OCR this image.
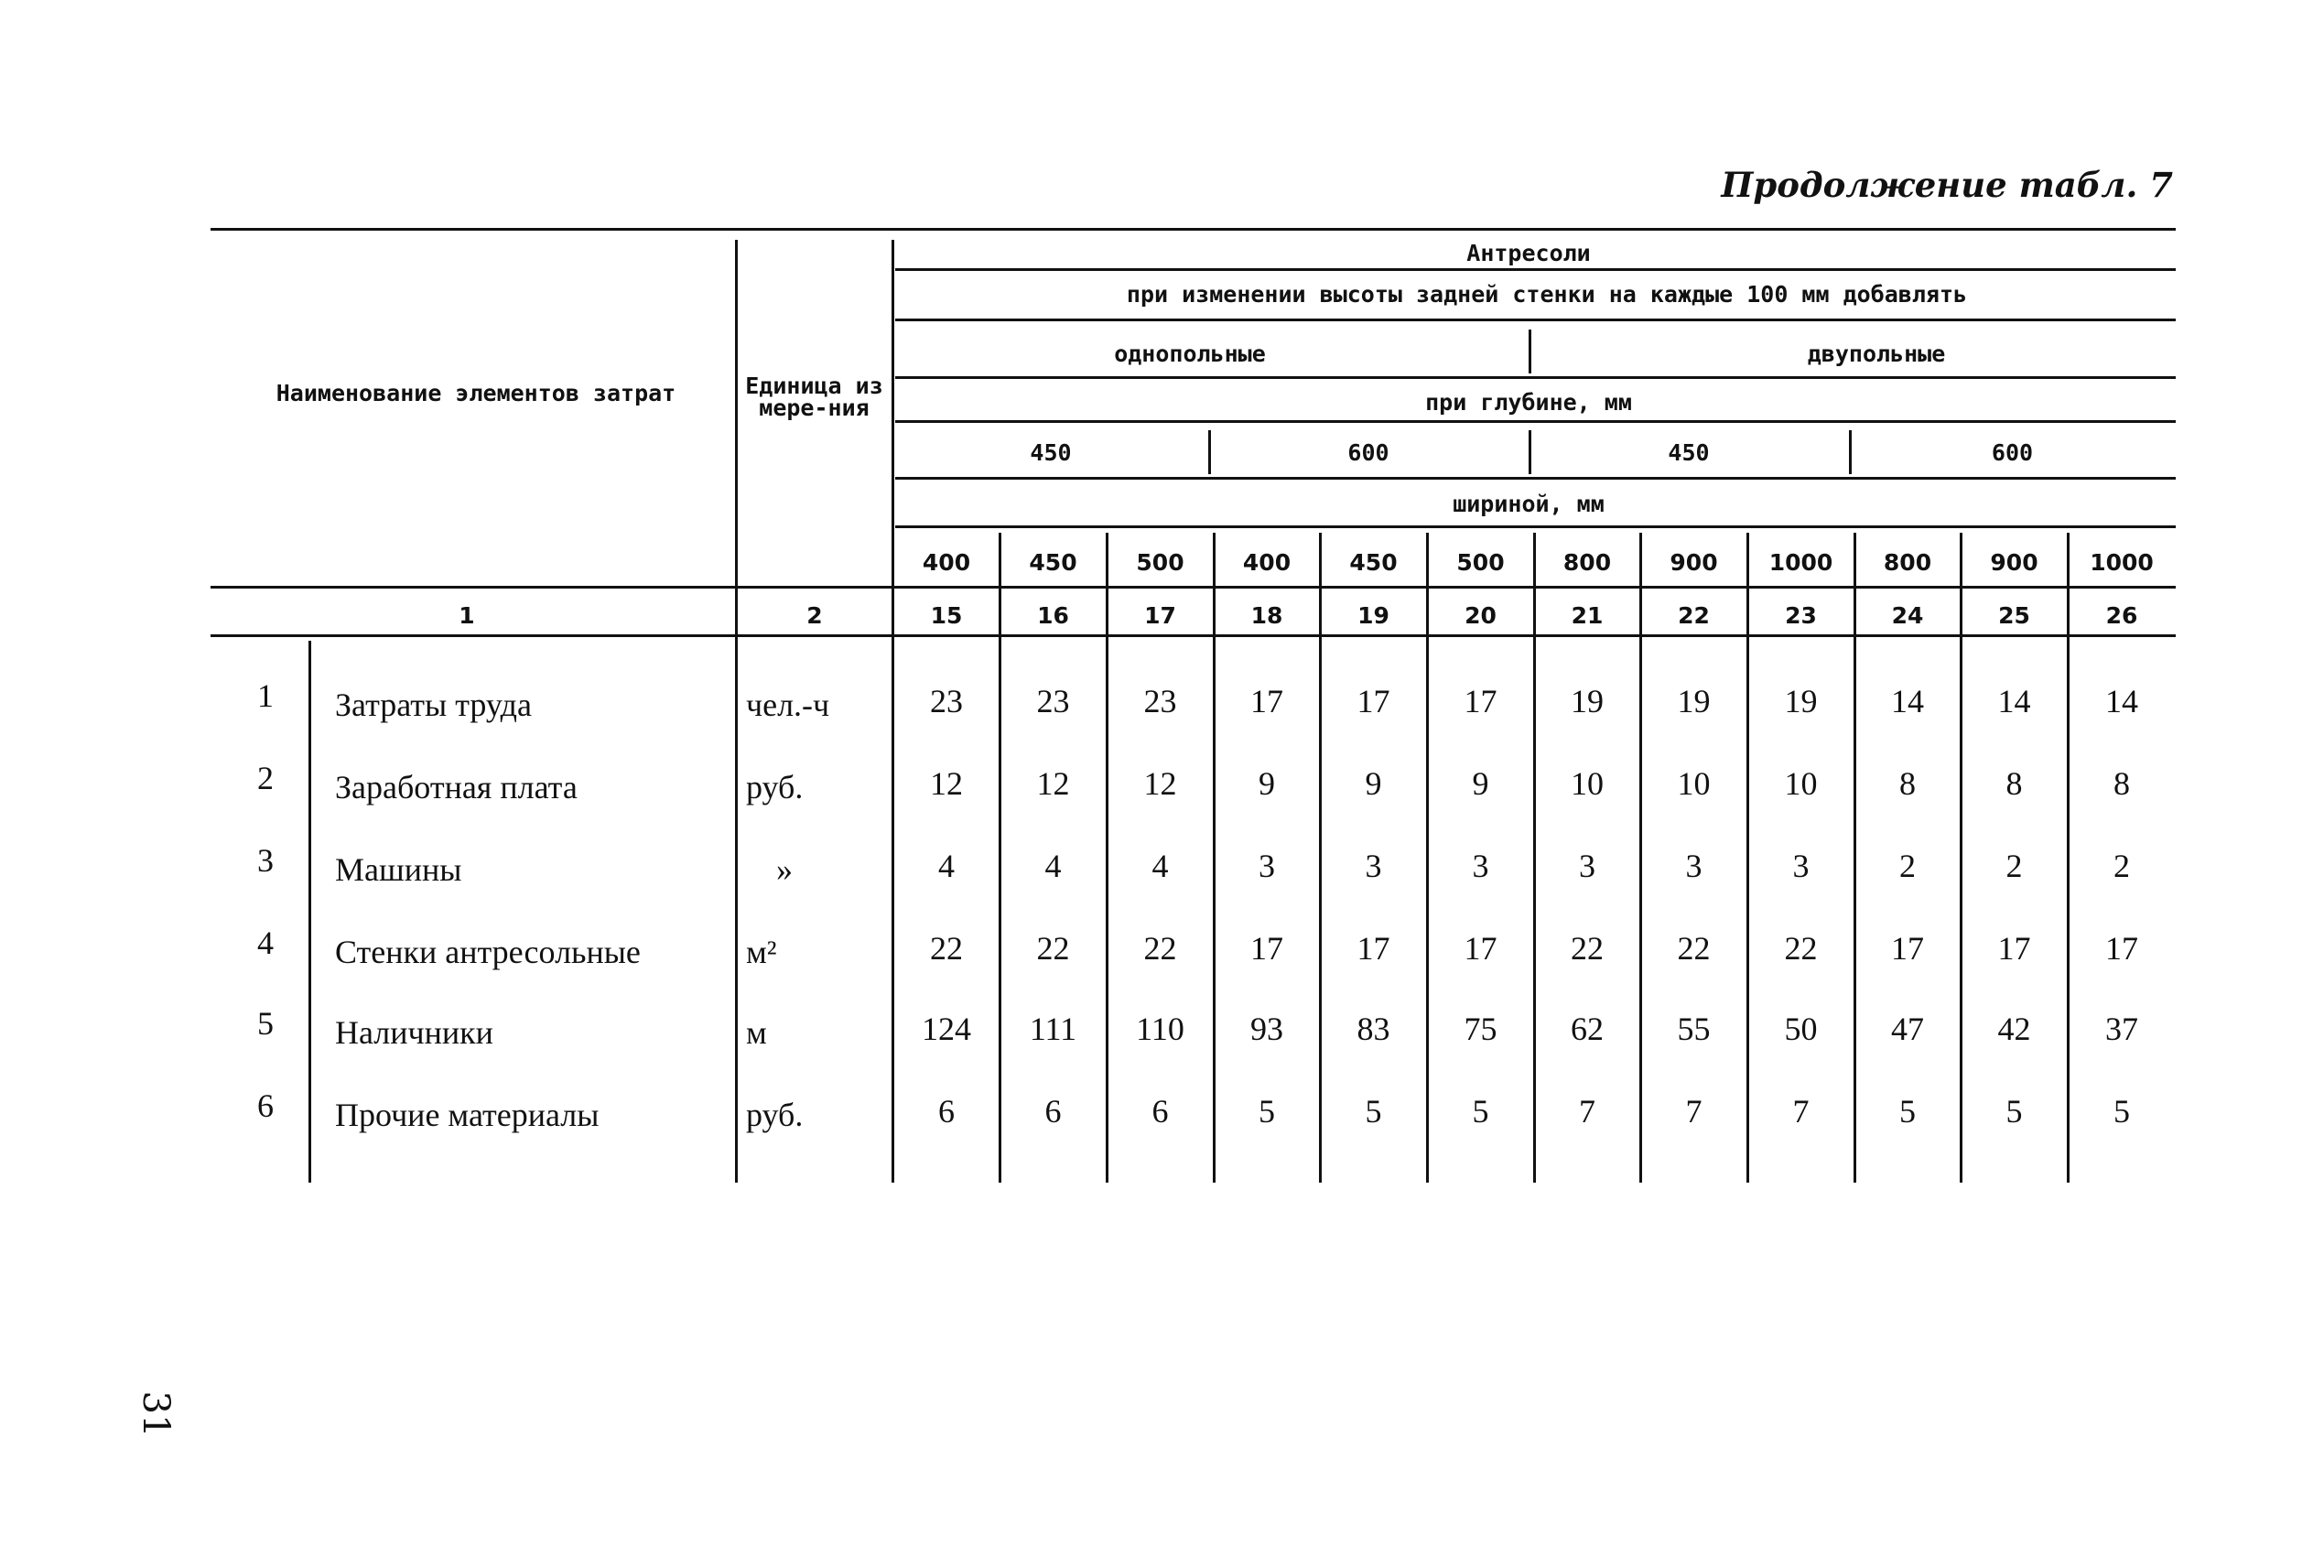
Продолжение табл. 7
31
Наименование элементов затрат	Единица измере-ния
Антресоли
при изменении высоты задней стенки на каждые 100 мм добавлять
однопольные	двупольные
при глубине, мм
450	600	450	600
шириной, мм
400	450	500	400	450	500	800	900	1000	800	900	1000
1	2	15	16	17	18	19	20	21	22	23	24	25	26
1	Затраты труда	чел.-ч	23	23	23	17	17	17	19	19	19	14	14	14
2	Заработная плата	руб.	12	12	12	9	9	9	10	10	10	8	8	8
3	Машины	»	4	4	4	3	3	3	3	3	3	2	2	2
4	Стенки антресольные	м²	22	22	22	17	17	17	22	22	22	17	17	17
5	Наличники	м	124	111	110	93	83	75	62	55	50	47	42	37
6	Прочие материалы	руб.	6	6	6	5	5	5	7	7	7	5	5	5
